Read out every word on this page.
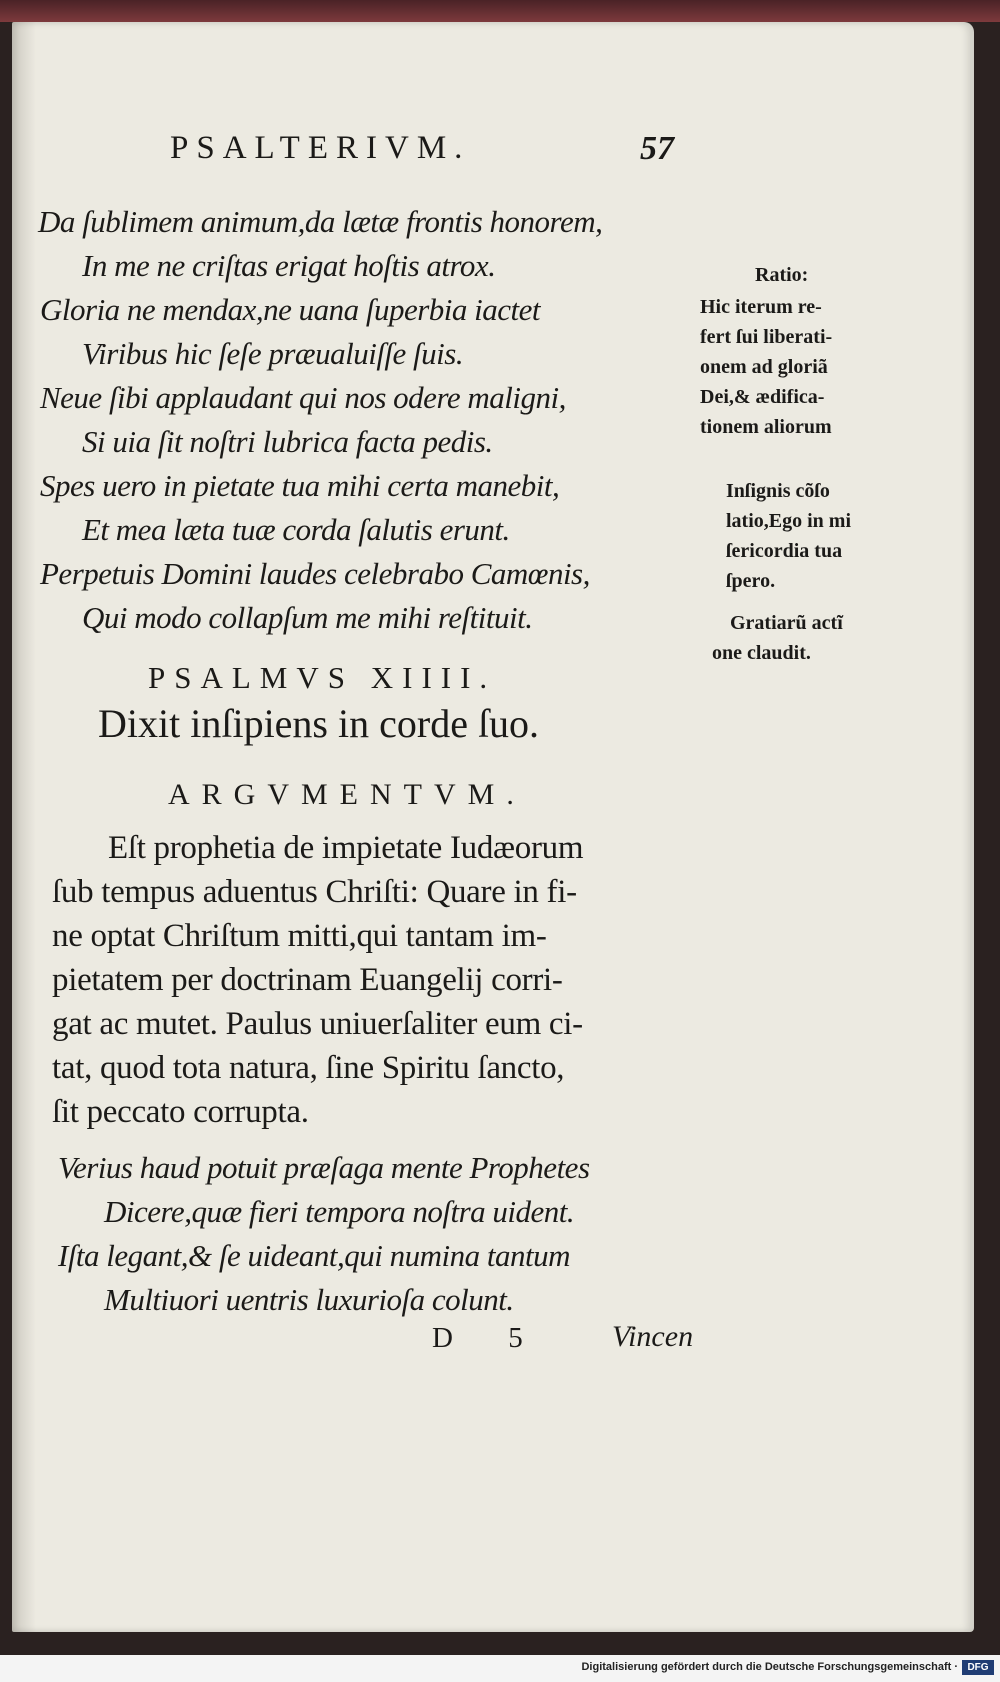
PSALTERIVM.	57
Da ſublimem animum,da lætæ frontis honorem,
In me ne criſtas erigat hoſtis atrox.
Gloria ne mendax,ne uana ſuperbia iactet
Viribus hic ſeſe præualuiſſe ſuis.
Neue ſibi applaudant qui nos odere maligni,
Si uia ſit noſtri lubrica facta pedis.
Spes uero in pietate tua mihi certa manebit,
Et mea læta tuæ corda ſalutis erunt.
Perpetuis Domini laudes celebrabo Camœnis,
Qui modo collapſum me mihi reſtituit.
Ratio:
Hic iterum re-
fert ſui liberati-
onem ad gloriã
Dei,& ædifica-
tionem aliorum
Inſignis cõſo
latio,Ego in mi
ſericordia tua
ſpero.
Gratiarũ actĩ
one claudit.
PSALMVS XIIII.
Dixit inſipiens in corde ſuo.
ARGVMENTVM.
Eſt prophetia de impietate Iudæorum
ſub tempus aduentus Chriſti: Quare in fi-
ne optat Chriſtum mitti,qui tantam im-
pietatem per doctrinam Euangelij corri-
gat ac mutet. Paulus uniuerſaliter eum ci-
tat, quod tota natura, ſine Spiritu ſancto,
ſit peccato corrupta.
Verius haud potuit præſaga mente Prophetes
Dicere,quæ fieri tempora noſtra uident.
Iſta legant,& ſe uideant,qui numina tantum
Multiuori uentris luxurioſa colunt.
D 5 Vincen
Digitalisierung gefördert durch die Deutsche Forschungsgemeinschaft · DFG
